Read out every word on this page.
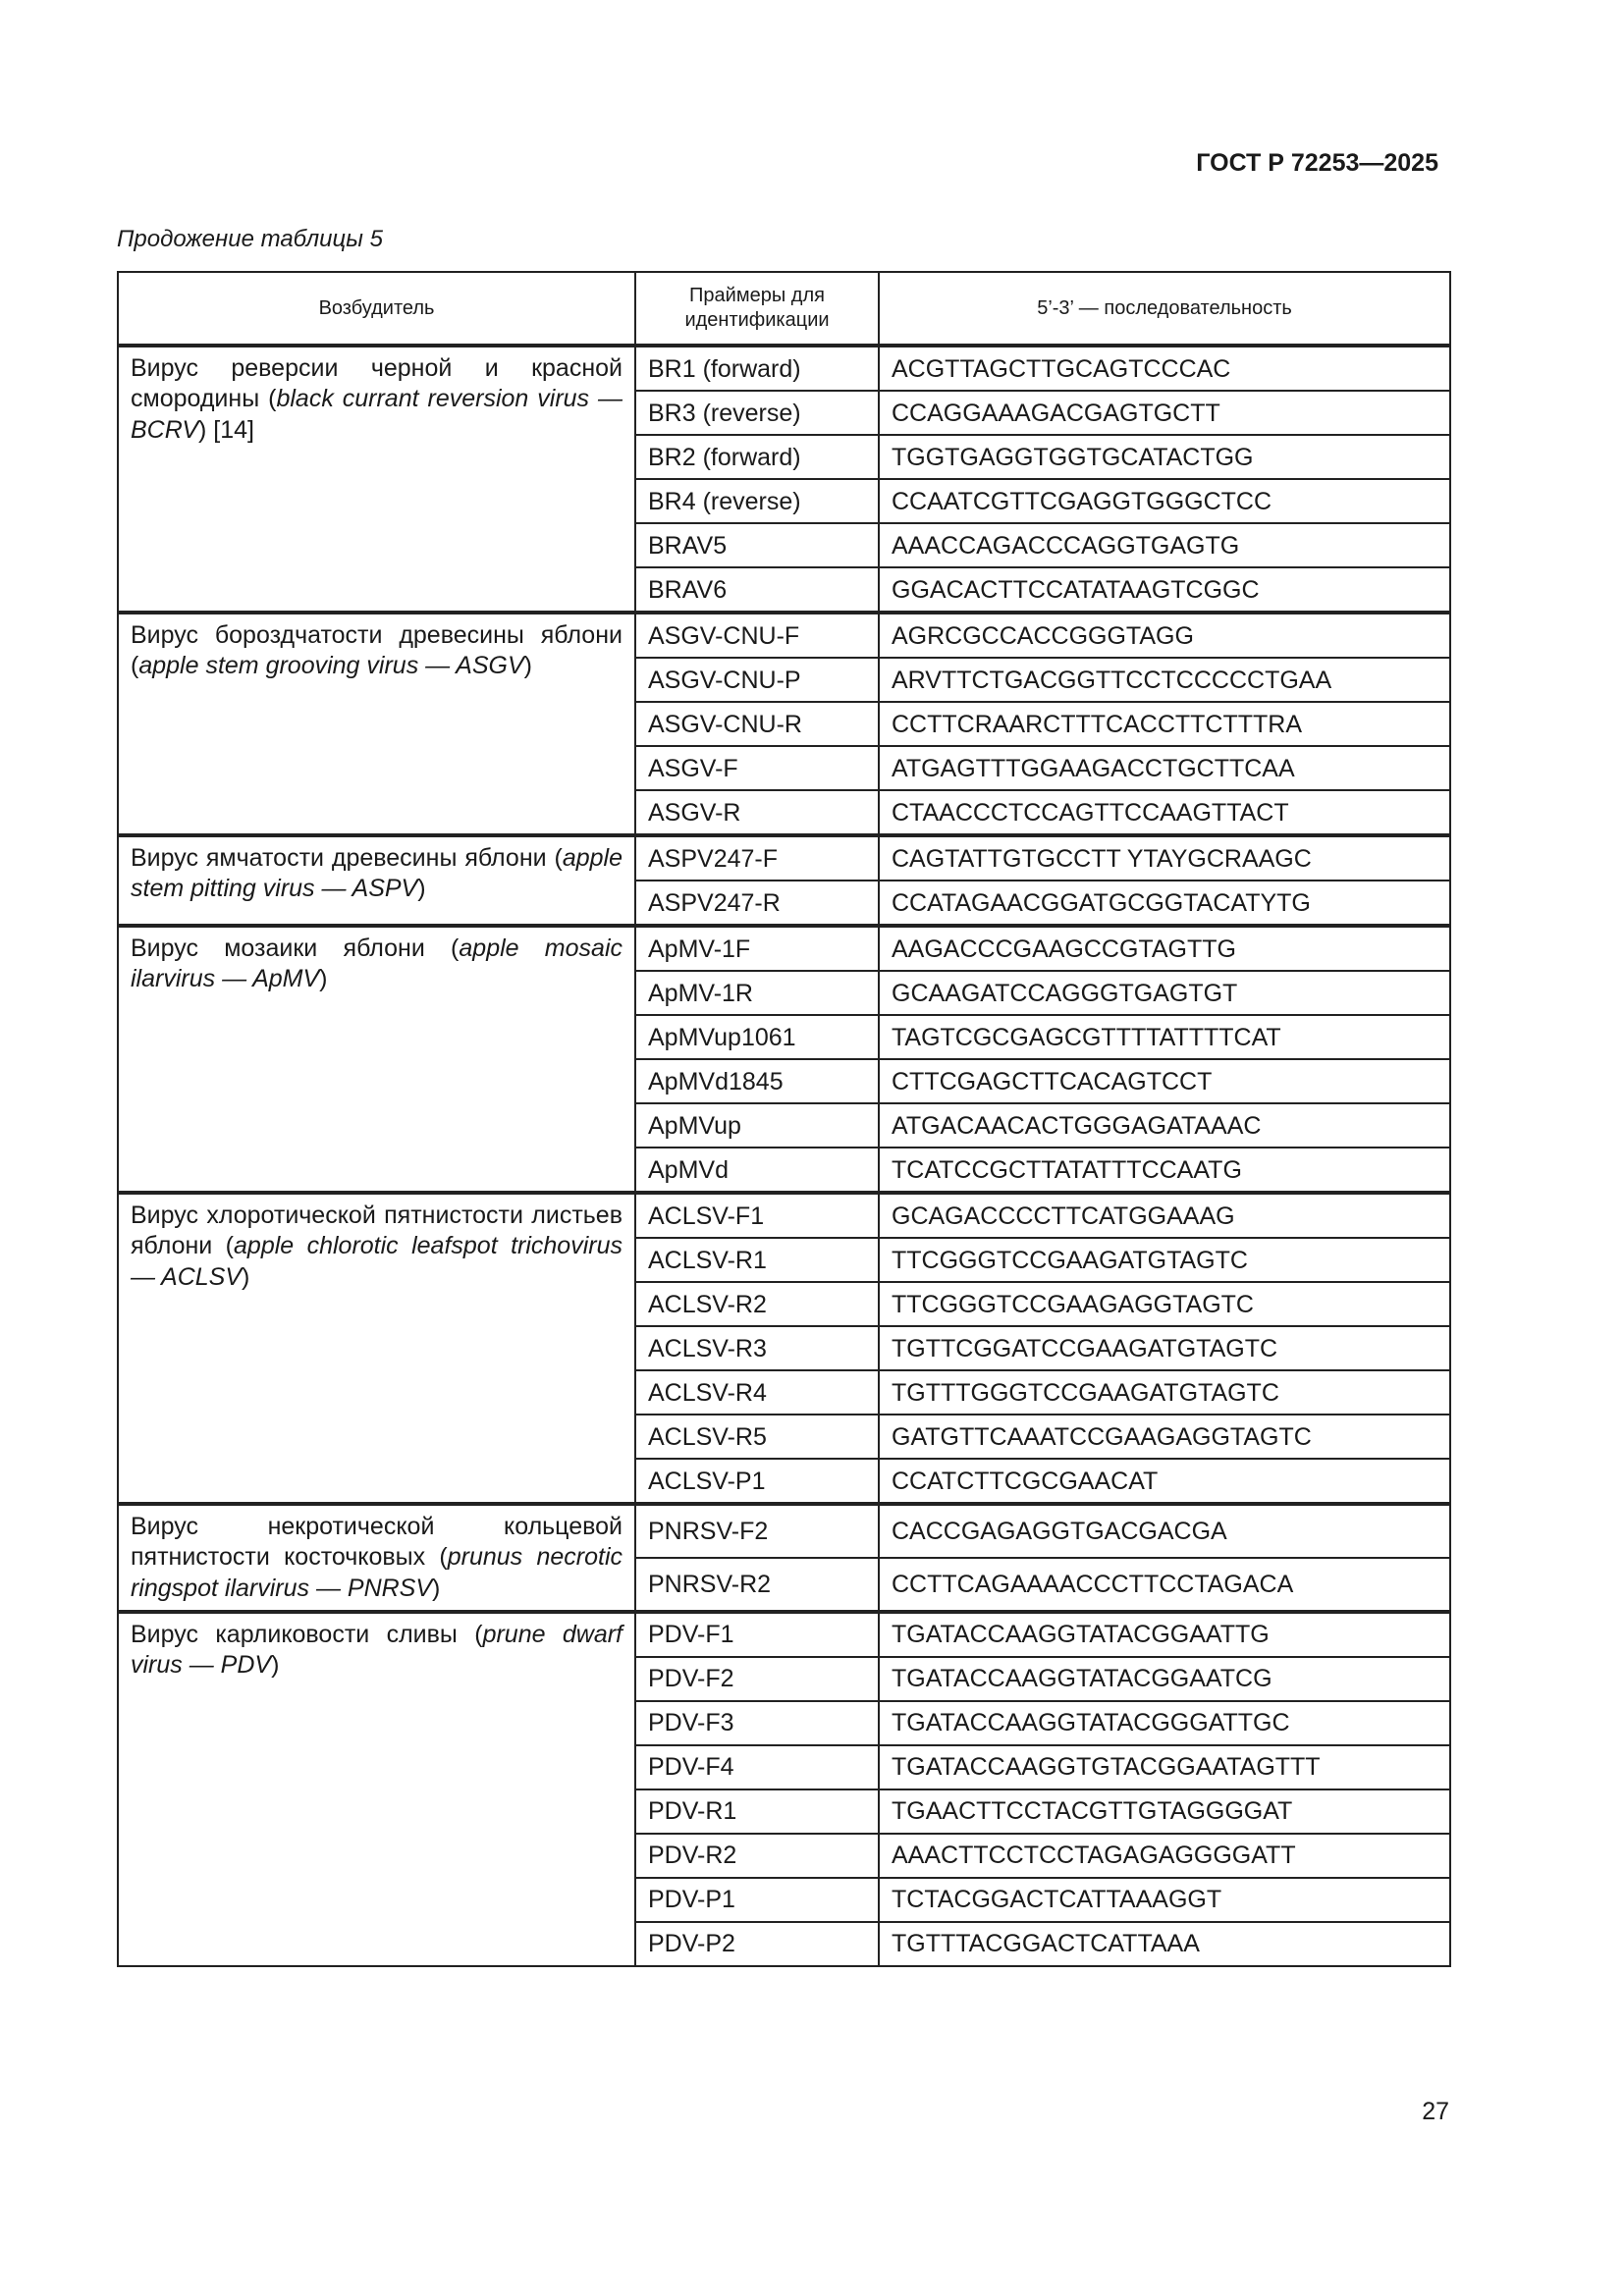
ГОСТ Р 72253—2025
Продожение таблицы 5
Возбудитель	Праймеры для идентификации	5’-3’ — последовательность
Вирус реверсии черной и красной смородины (black currant reversion virus — BCRV) [14]	BR1 (forward)	ACGTTAGCTTGCAGTCCCAC
	BR3 (reverse)	CCAGGAAAGACGAGTGCTT
	BR2 (forward)	TGGTGAGGTGGTGCATACTGG
	BR4 (reverse)	CCAATCGTTCGAGGTGGGCTCC
	BRAV5	AAACCAGACCCAGGTGAGTG
	BRAV6	GGACACTTCCATATAAGTCGGC
Вирус бороздчатости древесины яблони (apple stem grooving virus — ASGV)	ASGV-CNU-F	AGRCGCCACCGGGTAGG
	ASGV-CNU-P	ARVTTCTGACGGTTCCTCCCCCTGAA
	ASGV-CNU-R	CCTTCRAARCTTTCACCTTCTTTRA
	ASGV-F	ATGAGTTTGGAAGACCTGCTTCAA
	ASGV-R	CTAACCCTCCAGTTCCAAGTTACT
Вирус ямчатости древесины яблони (apple stem pitting virus — ASPV)	ASPV247-F	CAGTATTGTGCCTT YTAYGCRAAGC
	ASPV247-R	CCATAGAACGGATGCGGTACATYTG
Вирус мозаики яблони (apple mosaic ilarvirus — ApMV)	ApMV-1F	AAGACCCGAAGCCGTAGTTG
	ApMV-1R	GCAAGATCCAGGGTGAGTGT
	ApMVup1061	TAGTCGCGAGCGTTTTATTTTCAT
	ApMVd1845	CTTCGAGCTTCACAGTCCT
	ApMVup	ATGACAACACTGGGAGATAAAC
	ApMVd	TCATCCGCTTATATTTCCAATG
Вирус хлоротической пятнистости листьев яблони (apple chlorotic leafspot trichovirus — ACLSV)	ACLSV-F1	GCAGACCCCTTCATGGAAAG
	ACLSV-R1	TTCGGGTCCGAAGATGTAGTC
	ACLSV-R2	TTCGGGTCCGAAGAGGTAGTC
	ACLSV-R3	TGTTCGGATCCGAAGATGTAGTC
	ACLSV-R4	TGTTTGGGTCCGAAGATGTAGTC
	ACLSV-R5	GATGTTCAAATCCGAAGAGGTAGTC
	ACLSV-P1	CCATCTTCGCGAACAT
Вирус некротической кольцевой пятнистости косточковых (prunus necrotic ringspot ilarvirus — PNRSV)	PNRSV-F2	CACCGAGAGGTGACGACGA
	PNRSV-R2	CCTTCAGAAAACCCTTCCTAGACA
Вирус карликовости сливы (prune dwarf virus — PDV)	PDV-F1	TGATACCAAGGTATACGGAATTG
	PDV-F2	TGATACCAAGGTATACGGAATCG
	PDV-F3	TGATACCAAGGTATACGGGATTGC
	PDV-F4	TGATACCAAGGTGTACGGAATAGTTT
	PDV-R1	TGAACTTCCTACGTTGTAGGGGAT
	PDV-R2	AAACTTCCTCCTAGAGAGGGGATT
	PDV-P1	TCTACGGACTCATTAAAGGT
	PDV-P2	TGTTTACGGACTCATTAAA
27
